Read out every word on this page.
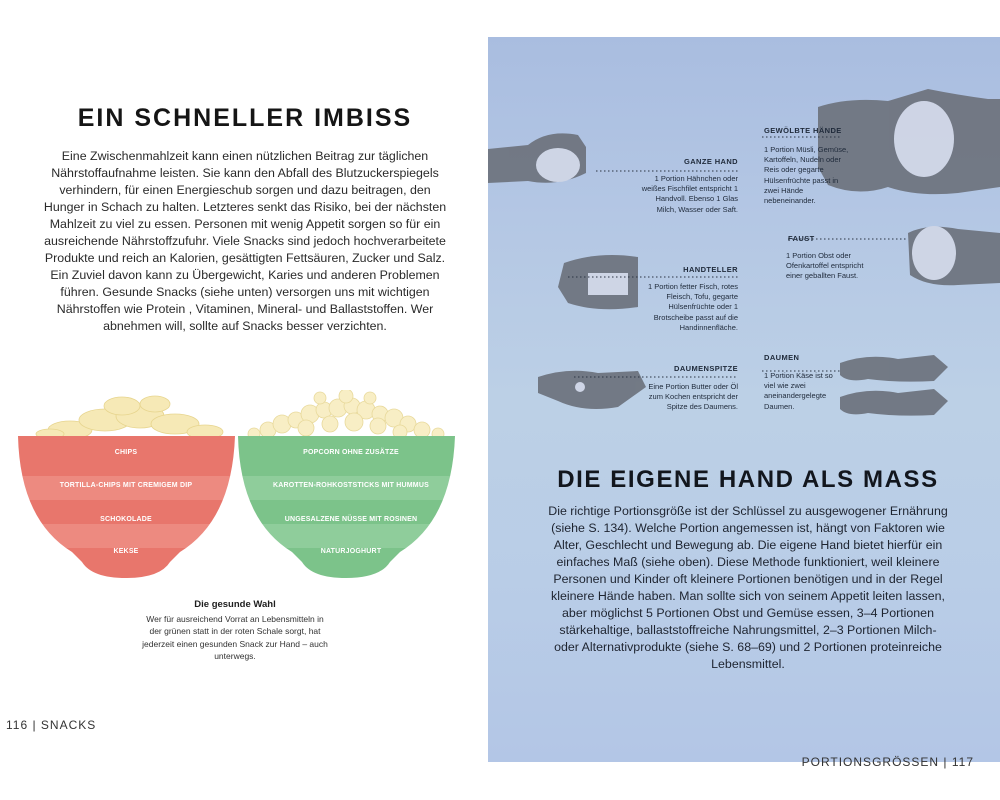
EIN SCHNELLER IMBISS

Eine Zwischenmahlzeit kann einen nützlichen Beitrag zur täglichen Nährstoffaufnahme leisten. Sie kann den Abfall des Blutzuckerspiegels verhindern, für einen Energieschub sorgen und dazu beitragen, den Hunger in Schach zu halten. Letzteres senkt das Risiko, bei der nächsten Mahlzeit zu viel zu essen. Personen mit wenig Appetit sorgen so für ein ausreichende Nährstoffzufuhr. Viele Snacks sind jedoch hochverarbeitete Produkte und reich an Kalorien, gesättigten Fettsäuren, Zucker und Salz. Ein Zuviel davon kann zu Übergewicht, Karies und anderen Problemen führen. Gesunde Snacks (siehe unten) versorgen uns mit wichtigen Nährstoffen wie Protein , Vitaminen, Mineral- und Ballaststoffen. Wer abnehmen will, sollte auf Snacks besser verzichten.

CHIPS
TORTILLA-CHIPS MIT CREMIGEM DIP
SCHOKOLADE
KEKSE
POPCORN OHNE ZUSÄTZE
KAROTTEN-ROHKOSTSTICKS MIT HUMMUS
UNGESALZENE NÜSSE MIT ROSINEN
NATURJOGHURT

Die gesunde Wahl

Wer für ausreichend Vorrat an Lebensmitteln in der grünen statt in der roten Schale sorgt, hat jederzeit einen gesunden Snack zur Hand – auch unterwegs.

116 | SNACKS
GANZE HAND
1 Portion Hähnchen oder weißes Fischfilet entspricht 1 Handvoll. Ebenso 1 Glas Milch, Wasser oder Saft.
GEWÖLBTE HÄNDE
1 Portion Müsli, Gemüse, Kartoffeln, Nudeln oder Reis oder gegarte Hülsenfrüchte passt in zwei Hände nebeneinander.
FAUST
1 Portion Obst oder Ofenkartoffel entspricht einer geballten Faust.
HANDTELLER
1 Portion fetter Fisch, rotes Fleisch, Tofu, gegarte Hülsenfrüchte oder 1 Brotscheibe passt auf die Handinnenfläche.
DAUMEN
1 Portion Käse ist so viel wie zwei aneinandergelegte Daumen.
DAUMENSPITZE
Eine Portion Butter oder Öl zum Kochen entspricht der Spitze des Daumens.
DIE EIGENE HAND ALS MASS

Die richtige Portionsgröße ist der Schlüssel zu ausgewogener Ernährung (siehe S. 134). Welche Portion angemessen ist, hängt von Faktoren wie Alter, Geschlecht und Bewegung ab. Die eigene Hand bietet hierfür ein einfaches Maß (siehe oben). Diese Methode funktioniert, weil kleinere Personen und Kinder oft kleinere Portionen benötigen und in der Regel kleinere Hände haben. Man sollte sich von seinem Appetit leiten lassen, aber möglichst 5 Portionen Obst und Gemüse essen, 3–4 Portionen stärkehaltige, ballaststoffreiche Nahrungsmittel, 2–3 Portionen Milch- oder Alternativprodukte (siehe S. 68–69) und 2 Portionen proteinreiche Lebensmittel.

PORTIONSGRÖSSEN | 117
